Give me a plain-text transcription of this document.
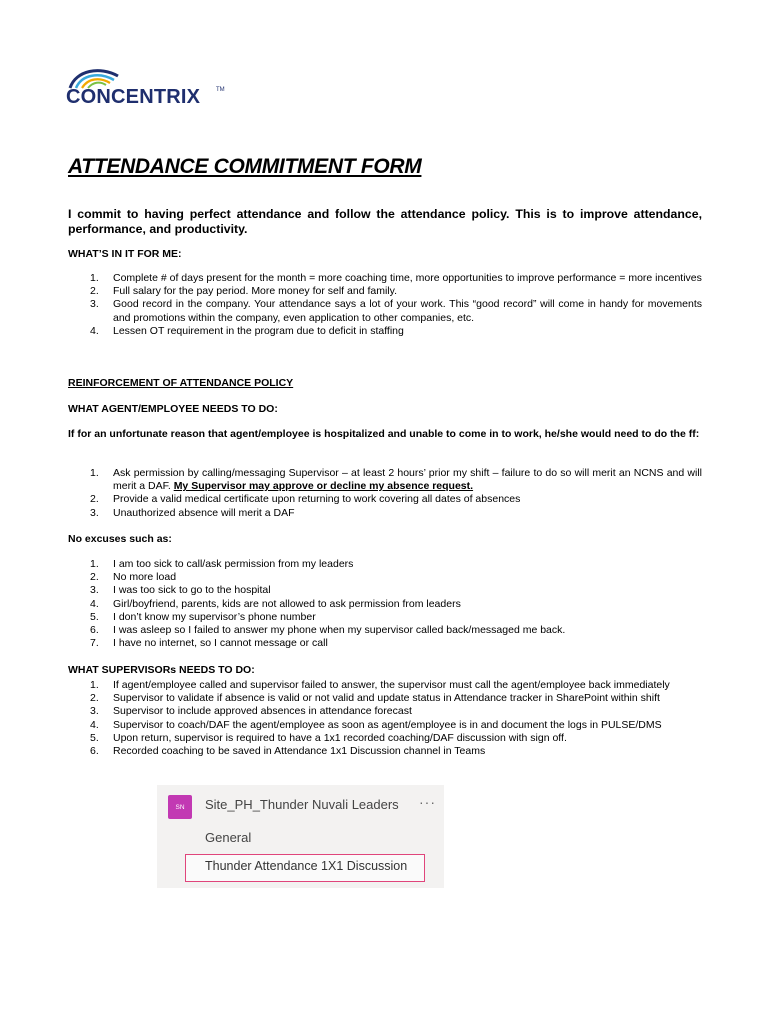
CONCENTRIX	TM
ATTENDANCE COMMITMENT FORM

I commit to having perfect attendance and follow the attendance policy. This is to improve attendance, performance, and productivity.

WHAT’S IN IT FOR ME:

1. Complete # of days present for the month = more coaching time, more opportunities to improve performance = more incentives
2. Full salary for the pay period. More money for self and family.
3. Good record in the company. Your attendance says a lot of your work. This “good record” will come in handy for movements and promotions within the company, even application to other companies, etc.
4. Lessen OT requirement in the program due to deficit in staffing

REINFORCEMENT OF ATTENDANCE POLICY

WHAT AGENT/EMPLOYEE NEEDS TO DO:

If for an unfortunate reason that agent/employee is hospitalized and unable to come in to work, he/she would need to do the ff:

1. Ask permission by calling/messaging Supervisor – at least 2 hours’ prior my shift – failure to do so will merit an NCNS and will merit a DAF. My Supervisor may approve or decline my absence request.
2. Provide a valid medical certificate upon returning to work covering all dates of absences
3. Unauthorized absence will merit a DAF

No excuses such as:

1. I am too sick to call/ask permission from my leaders
2. No more load
3. I was too sick to go to the hospital
4. Girl/boyfriend, parents, kids are not allowed to ask permission from leaders
5. I don’t know my supervisor’s phone number
6. I was asleep so I failed to answer my phone when my supervisor called back/messaged me back.
7. I have no internet, so I cannot message or call

WHAT SUPERVISORs NEEDS TO DO:

1. If agent/employee called and supervisor failed to answer, the supervisor must call the agent/employee back immediately
2. Supervisor to validate if absence is valid or not valid and update status in Attendance tracker in SharePoint within shift
3. Supervisor to include approved absences in attendance forecast
4. Supervisor to coach/DAF the agent/employee as soon as agent/employee is in and document the logs in PULSE/DMS
5. Upon return, supervisor is required to have a 1x1 recorded coaching/DAF discussion with sign off.
6. Recorded coaching to be saved in Attendance 1x1 Discussion channel in Teams
SN	Site_PH_Thunder Nuvali Leaders ···
General
Thunder Attendance 1X1 Discussion
